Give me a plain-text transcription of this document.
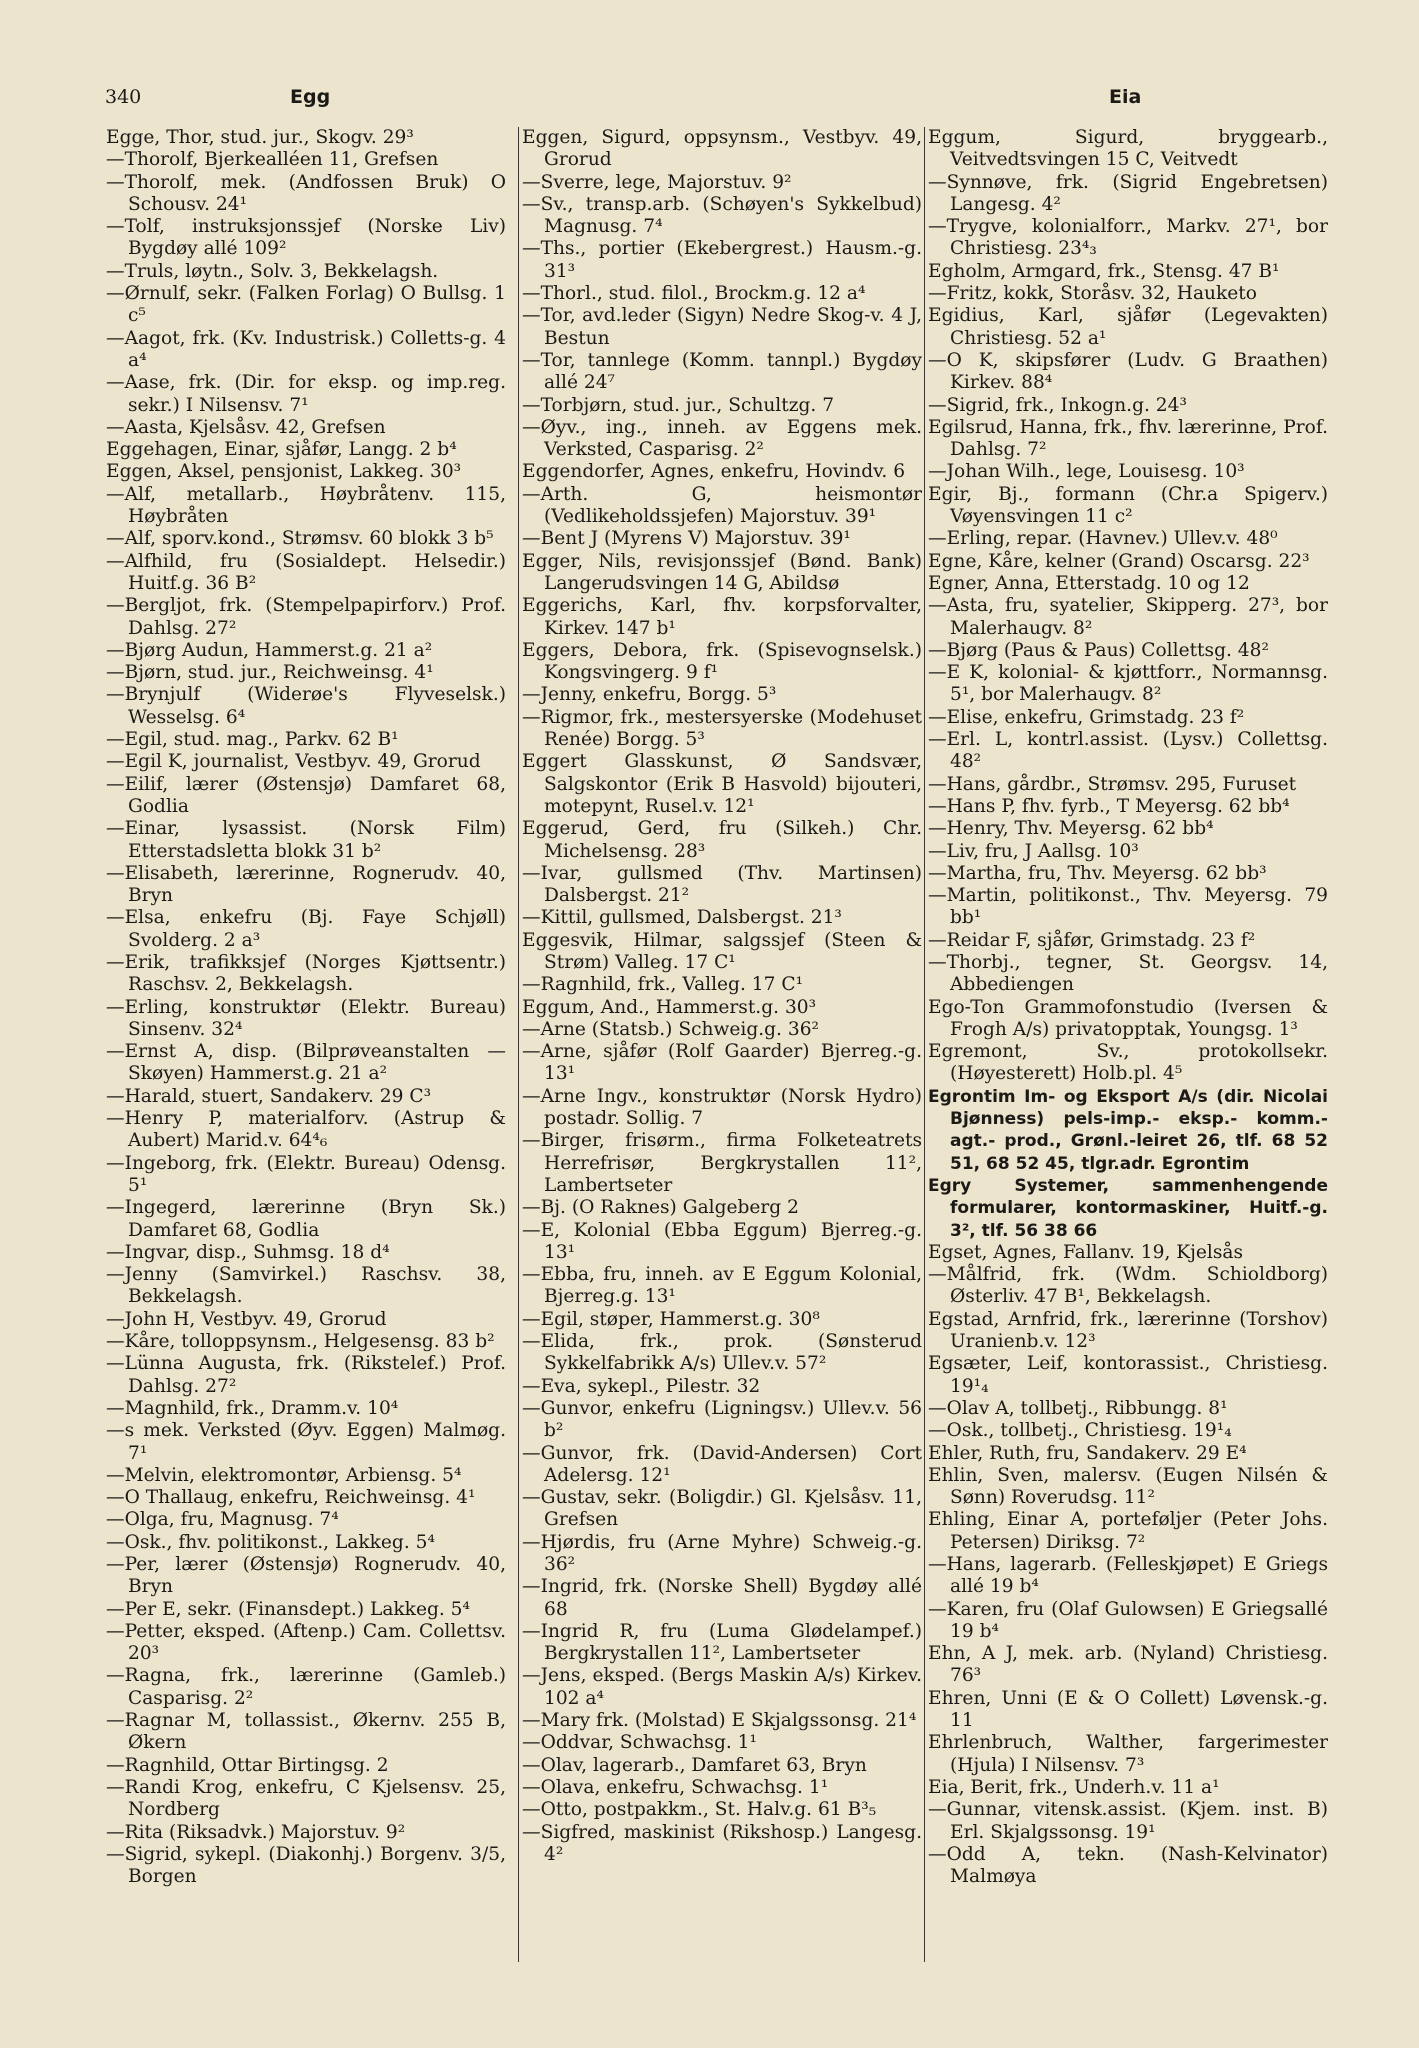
340	Egg	Eia

Egge, Thor, stud. jur., Skogv. 29³

—Thorolf, Bjerkealléen 11, Grefsen

—Thorolf, mek. (Andfossen Bruk) O Schousv. 24¹

—Tolf, instruksjonssjef (Norske Liv) Bygdøy allé 109²

—Truls, løytn., Solv. 3, Bekkelagsh.

—Ørnulf, sekr. (Falken Forlag) O Bullsg. 1 c⁵

—Aagot, frk. (Kv. Industrisk.) Colletts-g. 4 a⁴

—Aase, frk. (Dir. for eksp. og imp.reg. sekr.) I Nilsensv. 7¹

—Aasta, Kjelsåsv. 42, Grefsen

Eggehagen, Einar, sjåfør, Langg. 2 b⁴

Eggen, Aksel, pensjonist, Lakkeg. 30³

—Alf, metallarb., Høybråtenv. 115, Høybråten

—Alf, sporv.kond., Strømsv. 60 blokk 3 b⁵

—Alfhild, fru (Sosialdept. Helsedir.) Huitf.g. 36 B²

—Bergljot, frk. (Stempelpapirforv.) Prof. Dahlsg. 27²

—Bjørg Audun, Hammerst.g. 21 a²

—Bjørn, stud. jur., Reichweinsg. 4¹

—Brynjulf (Widerøe's Flyveselsk.) Wesselsg. 6⁴

—Egil, stud. mag., Parkv. 62 B¹

—Egil K, journalist, Vestbyv. 49, Grorud

—Eilif, lærer (Østensjø) Damfaret 68, Godlia

—Einar, lysassist. (Norsk Film) Etterstadsletta blokk 31 b²

—Elisabeth, lærerinne, Rognerudv. 40, Bryn

—Elsa, enkefru (Bj. Faye Schjøll) Svolderg. 2 a³

—Erik, trafikksjef (Norges Kjøttsentr.) Raschsv. 2, Bekkelagsh.

—Erling, konstruktør (Elektr. Bureau) Sinsenv. 32⁴

—Ernst A, disp. (Bilprøveanstalten — Skøyen) Hammerst.g. 21 a²

—Harald, stuert, Sandakerv. 29 C³

—Henry P, materialforv. (Astrup & Aubert) Marid.v. 64⁴₆

—Ingeborg, frk. (Elektr. Bureau) Odensg. 5¹

—Ingegerd, lærerinne (Bryn Sk.) Damfaret 68, Godlia

—Ingvar, disp., Suhmsg. 18 d⁴

—Jenny (Samvirkel.) Raschsv. 38, Bekkelagsh.

—John H, Vestbyv. 49, Grorud

—Kåre, tolloppsynsm., Helgesensg. 83 b²

—Lünna Augusta, frk. (Rikstelef.) Prof. Dahlsg. 27²

—Magnhild, frk., Dramm.v. 10⁴

—s mek. Verksted (Øyv. Eggen) Malmøg. 7¹

—Melvin, elektromontør, Arbiensg. 5⁴

—O Thallaug, enkefru, Reichweinsg. 4¹

—Olga, fru, Magnusg. 7⁴

—Osk., fhv. politikonst., Lakkeg. 5⁴

—Per, lærer (Østensjø) Rognerudv. 40, Bryn

—Per E, sekr. (Finansdept.) Lakkeg. 5⁴

—Petter, eksped. (Aftenp.) Cam. Collettsv. 20³

—Ragna, frk., lærerinne (Gamleb.) Casparisg. 2²

—Ragnar M, tollassist., Økernv. 255 B, Økern

—Ragnhild, Ottar Birtingsg. 2

—Randi Krog, enkefru, C Kjelsensv. 25, Nordberg

—Rita (Riksadvk.) Majorstuv. 9²

—Sigrid, sykepl. (Diakonhj.) Borgenv. 3/5, Borgen

Eggen, Sigurd, oppsynsm., Vestbyv. 49, Grorud

—Sverre, lege, Majorstuv. 9²

—Sv., transp.arb. (Schøyen's Sykkelbud) Magnusg. 7⁴

—Ths., portier (Ekebergrest.) Hausm.-g. 31³

—Thorl., stud. filol., Brockm.g. 12 a⁴

—Tor, avd.leder (Sigyn) Nedre Skog-v. 4 J, Bestun

—Tor, tannlege (Komm. tannpl.) Bygdøy allé 24⁷

—Torbjørn, stud. jur., Schultzg. 7

—Øyv., ing., inneh. av Eggens mek. Verksted, Casparisg. 2²

Eggendorfer, Agnes, enkefru, Hovindv. 6

—Arth. G, heismontør (Vedlikeholdssjefen) Majorstuv. 39¹

—Bent J (Myrens V) Majorstuv. 39¹

Egger, Nils, revisjonssjef (Bønd. Bank) Langerudsvingen 14 G, Abildsø

Eggerichs, Karl, fhv. korpsforvalter, Kirkev. 147 b¹

Eggers, Debora, frk. (Spisevognselsk.) Kongsvingerg. 9 f¹

—Jenny, enkefru, Borgg. 5³

—Rigmor, frk., mestersyerske (Modehuset Renée) Borgg. 5³

Eggert Glasskunst, Ø Sandsvær, Salgskontor (Erik B Hasvold) bijouteri, motepynt, Rusel.v. 12¹

Eggerud, Gerd, fru (Silkeh.) Chr. Michelsensg. 28³

—Ivar, gullsmed (Thv. Martinsen) Dalsbergst. 21²

—Kittil, gullsmed, Dalsbergst. 21³

Eggesvik, Hilmar, salgssjef (Steen & Strøm) Valleg. 17 C¹

—Ragnhild, frk., Valleg. 17 C¹

Eggum, And., Hammerst.g. 30³

—Arne (Statsb.) Schweig.g. 36²

—Arne, sjåfør (Rolf Gaarder) Bjerreg.-g. 13¹

—Arne Ingv., konstruktør (Norsk Hydro) postadr. Sollig. 7

—Birger, frisørm., firma Folketeatrets Herrefrisør, Bergkrystallen 11², Lambertseter

—Bj. (O Raknes) Galgeberg 2

—E, Kolonial (Ebba Eggum) Bjerreg.-g. 13¹

—Ebba, fru, inneh. av E Eggum Kolonial, Bjerreg.g. 13¹

—Egil, støper, Hammerst.g. 30⁸

—Elida, frk., prok. (Sønsterud Sykkelfabrikk A/s) Ullev.v. 57²

—Eva, sykepl., Pilestr. 32

—Gunvor, enkefru (Ligningsv.) Ullev.v. 56 b²

—Gunvor, frk. (David-Andersen) Cort Adelersg. 12¹

—Gustav, sekr. (Boligdir.) Gl. Kjelsåsv. 11, Grefsen

—Hjørdis, fru (Arne Myhre) Schweig.-g. 36²

—Ingrid, frk. (Norske Shell) Bygdøy allé 68

—Ingrid R, fru (Luma Glødelampef.) Bergkrystallen 11², Lambertseter

—Jens, eksped. (Bergs Maskin A/s) Kirkev. 102 a⁴

—Mary frk. (Molstad) E Skjalgssonsg. 21⁴

—Oddvar, Schwachsg. 1¹

—Olav, lagerarb., Damfaret 63, Bryn

—Olava, enkefru, Schwachsg. 1¹

—Otto, postpakkm., St. Halv.g. 61 B³₅

—Sigfred, maskinist (Rikshosp.) Langesg. 4²

Eggum, Sigurd, bryggearb., Veitvedtsvingen 15 C, Veitvedt

—Synnøve, frk. (Sigrid Engebretsen) Langesg. 4²

—Trygve, kolonialforr., Markv. 27¹, bor Christiesg. 23⁴₃

Egholm, Armgard, frk., Stensg. 47 B¹

—Fritz, kokk, Storåsv. 32, Hauketo

Egidius, Karl, sjåfør (Legevakten) Christiesg. 52 a¹

—O K, skipsfører (Ludv. G Braathen) Kirkev. 88⁴

—Sigrid, frk., Inkogn.g. 24³

Egilsrud, Hanna, frk., fhv. lærerinne, Prof. Dahlsg. 7²

—Johan Wilh., lege, Louisesg. 10³

Egir, Bj., formann (Chr.a Spigerv.) Vøyensvingen 11 c²

—Erling, repar. (Havnev.) Ullev.v. 48⁰

Egne, Kåre, kelner (Grand) Oscarsg. 22³

Egner, Anna, Etterstadg. 10 og 12

—Asta, fru, syatelier, Skipperg. 27³, bor Malerhaugv. 8²

—Bjørg (Paus & Paus) Collettsg. 48²

—E K, kolonial- & kjøttforr., Normannsg. 5¹, bor Malerhaugv. 8²

—Elise, enkefru, Grimstadg. 23 f²

—Erl. L, kontrl.assist. (Lysv.) Collettsg. 48²

—Hans, gårdbr., Strømsv. 295, Furuset

—Hans P, fhv. fyrb., T Meyersg. 62 bb⁴

—Henry, Thv. Meyersg. 62 bb⁴

—Liv, fru, J Aallsg. 10³

—Martha, fru, Thv. Meyersg. 62 bb³

—Martin, politikonst., Thv. Meyersg. 79 bb¹

—Reidar F, sjåfør, Grimstadg. 23 f²

—Thorbj., tegner, St. Georgsv. 14, Abbediengen

Ego-Ton Grammofonstudio (Iversen & Frogh A/s) privatopptak, Youngsg. 1³

Egremont, Sv., protokollsekr. (Høyesterett) Holb.pl. 4⁵

Egrontim Im- og Eksport A/s (dir. Nicolai Bjønness) pels-imp.- eksp.- komm.- agt.- prod., Grønl.-leiret 26, tlf. 68 52 51, 68 52 45, tlgr.adr. Egrontim

Egry Systemer, sammenhengende formularer, kontormaskiner, Huitf.-g. 3², tlf. 56 38 66

Egset, Agnes, Fallanv. 19, Kjelsås

—Målfrid, frk. (Wdm. Schioldborg) Østerliv. 47 B¹, Bekkelagsh.

Egstad, Arnfrid, frk., lærerinne (Torshov) Uranienb.v. 12³

Egsæter, Leif, kontorassist., Christiesg. 19¹₄

—Olav A, tollbetj., Ribbungg. 8¹

—Osk., tollbetj., Christiesg. 19¹₄

Ehler, Ruth, fru, Sandakerv. 29 E⁴

Ehlin, Sven, malersv. (Eugen Nilsén & Sønn) Roverudsg. 11²

Ehling, Einar A, porteføljer (Peter Johs. Petersen) Diriksg. 7²

—Hans, lagerarb. (Felleskjøpet) E Griegs allé 19 b⁴

—Karen, fru (Olaf Gulowsen) E Griegsallé 19 b⁴

Ehn, A J, mek. arb. (Nyland) Christiesg. 76³

Ehren, Unni (E & O Collett) Løvensk.-g. 11

Ehrlenbruch, Walther, fargerimester (Hjula) I Nilsensv. 7³

Eia, Berit, frk., Underh.v. 11 a¹

—Gunnar, vitensk.assist. (Kjem. inst. B) Erl. Skjalgssonsg. 19¹

—Odd A, tekn. (Nash-Kelvinator) Malmøya
